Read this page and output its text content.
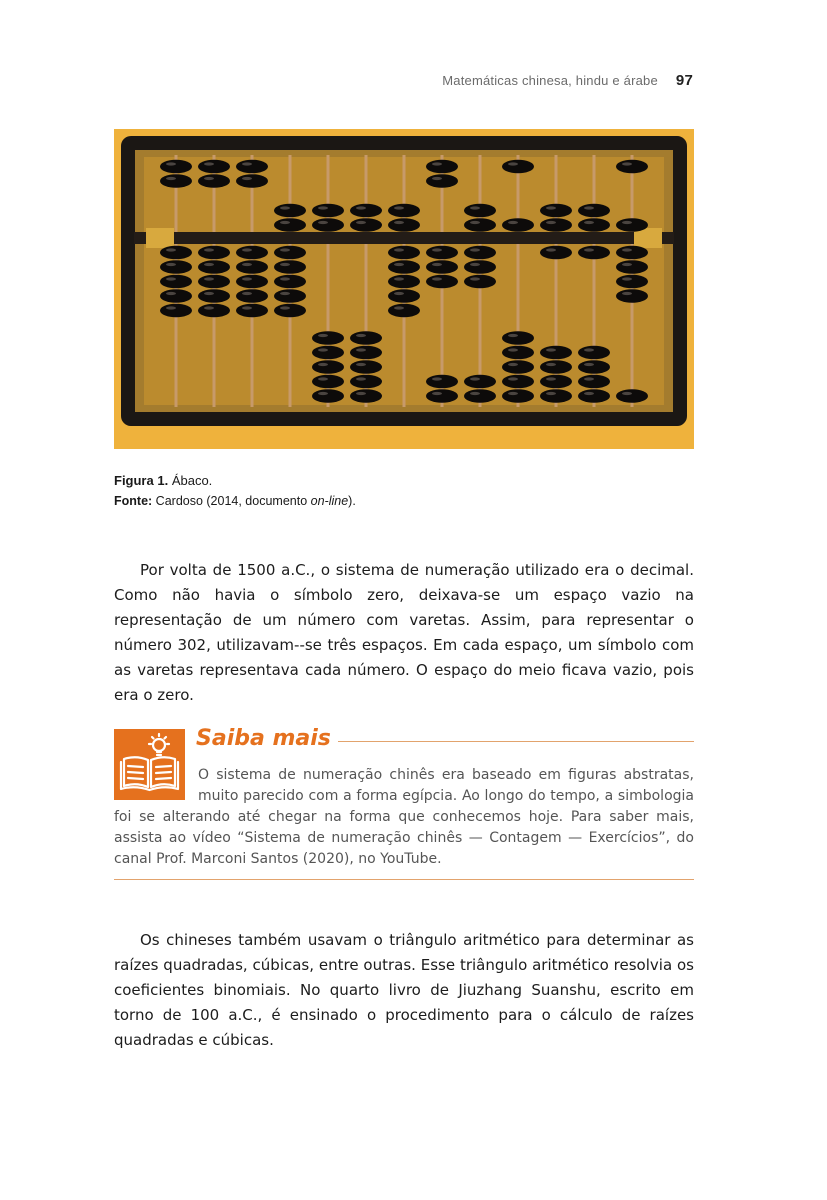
Matemáticas chinesa, hindu e árabe 97
Figura 1. Ábaco.
Fonte: Cardoso (2014, documento on-line).

Por volta de 1500 a.C., o sistema de numeração utilizado era o decimal. Como não havia o símbolo zero, deixava-se um espaço vazio na representação de um número com varetas. Assim, para representar o número 302, utilizavam--se três espaços. Em cada espaço, um símbolo com as varetas representava cada número. O espaço do meio ficava vazio, pois era o zero.

Saiba mais

O sistema de numeração chinês era baseado em figuras abstratas, muito parecido com a forma egípcia. Ao longo do tempo, a simbologia foi se alterando até chegar na forma que conhecemos hoje. Para saber mais, assista ao vídeo “Sistema de numeração chinês — Contagem — Exercícios”, do canal Prof. Marconi Santos (2020), no YouTube.

Os chineses também usavam o triângulo aritmético para determinar as raízes quadradas, cúbicas, entre outras. Esse triângulo aritmético resolvia os coeficientes binomiais. No quarto livro de Jiuzhang Suanshu, escrito em torno de 100 a.C., é ensinado o procedimento para o cálculo de raízes quadradas e cúbicas.
